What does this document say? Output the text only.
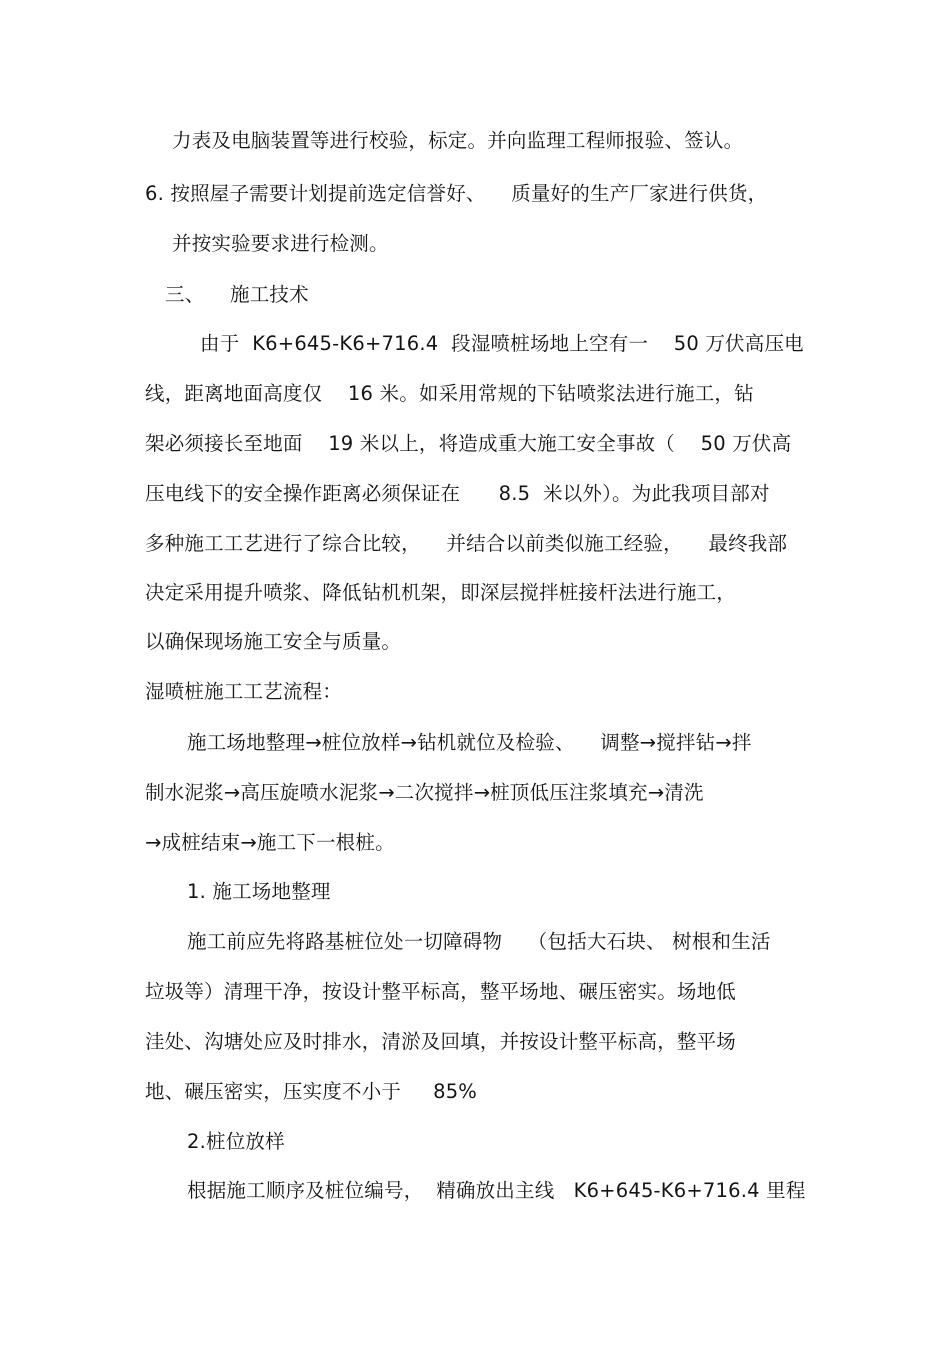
力表及电脑装置等进行校验，标定。并向监理工程师报验、签认。
6. 按照屋子需要计划提前选定信誉好、    质量好的生产厂家进行供货，
并按实验要求进行检测。
三、    施工技术
由于  K6+645-K6+716.4  段湿喷桩场地上空有一    50 万伏高压电
线，距离地面高度仅    16 米。如采用常规的下钻喷浆法进行施工，钻
架必须接长至地面    19 米以上，将造成重大施工安全事故（    50 万伏高
压电线下的安全操作距离必须保证在      8.5  米以外）。为此我项目部对
多种施工工艺进行了综合比较，    并结合以前类似施工经验，    最终我部
决定采用提升喷浆、降低钻机机架，即深层搅拌桩接杆法进行施工，
以确保现场施工安全与质量。
湿喷桩施工工艺流程：
施工场地整理→桩位放样→钻机就位及检验、    调整→搅拌钻→拌
制水泥浆→高压旋喷水泥浆→二次搅拌→桩顶低压注浆填充→清洗
→成桩结束→施工下一根桩。
1. 施工场地整理
施工前应先将路基桩位处一切障碍物    （包括大石块、 树根和生活
垃圾等）清理干净，按设计整平标高，整平场地、碾压密实。场地低
洼处、沟塘处应及时排水，清淤及回填，并按设计整平标高，整平场
地、碾压密实，压实度不小于     85%
2.桩位放样
根据施工顺序及桩位编号，  精确放出主线   K6+645-K6+716.4 里程
